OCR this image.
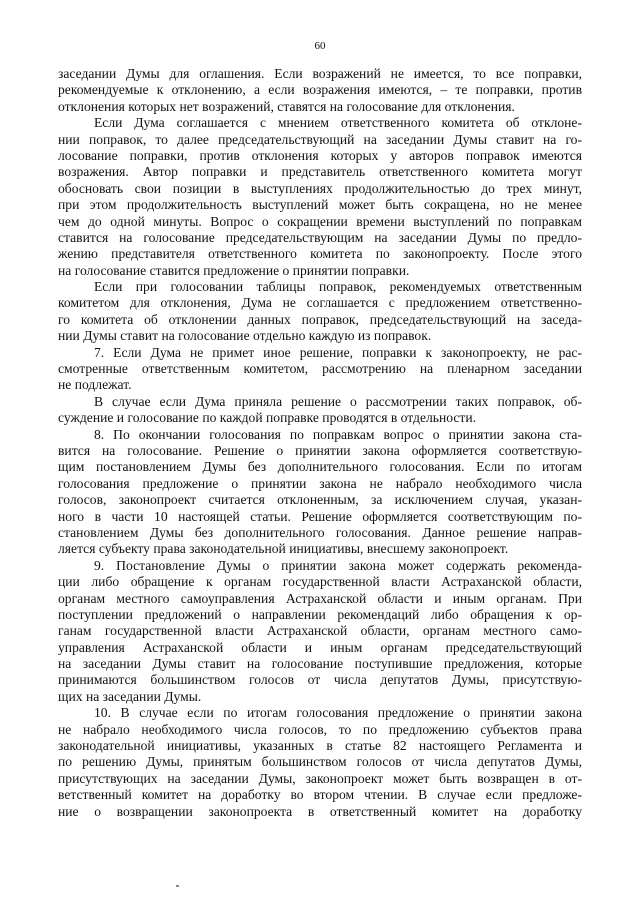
60
заседании Думы для оглашения. Если возражений не имеется, то все поправки,
рекомендуемые к отклонению, а если возражения имеются, – те поправки, против
отклонения которых нет возражений, ставятся на голосование для отклонения.
Если Дума соглашается с мнением ответственного комитета об отклоне-
нии поправок, то далее председательствующий на заседании Думы ставит на го-
лосование поправки, против отклонения которых у авторов поправок имеются
возражения. Автор поправки и представитель ответственного комитета могут
обосновать свои позиции в выступлениях продолжительностью до трех минут,
при этом продолжительность выступлений может быть сокращена, но не менее
чем до одной минуты. Вопрос о сокращении времени выступлений по поправкам
ставится на голосование председательствующим на заседании Думы по предло-
жению представителя ответственного комитета по законопроекту. После этого
на голосование ставится предложение о принятии поправки.
Если при голосовании таблицы поправок, рекомендуемых ответственным
комитетом для отклонения, Дума не соглашается с предложением ответственно-
го комитета об отклонении данных поправок, председательствующий на заседа-
нии Думы ставит на голосование отдельно каждую из поправок.
7. Если Дума не примет иное решение, поправки к законопроекту, не рас-
смотренные ответственным комитетом, рассмотрению на пленарном заседании
не подлежат.
В случае если Дума приняла решение о рассмотрении таких поправок, об-
суждение и голосование по каждой поправке проводятся в отдельности.
8. По окончании голосования по поправкам вопрос о принятии закона ста-
вится на голосование. Решение о принятии закона оформляется соответствую-
щим постановлением Думы без дополнительного голосования. Если по итогам
голосования предложение о принятии закона не набрало необходимого числа
голосов, законопроект считается отклоненным, за исключением случая, указан-
ного в части 10 настоящей статьи. Решение оформляется соответствующим по-
становлением Думы без дополнительного голосования. Данное решение направ-
ляется субъекту права законодательной инициативы, внесшему законопроект.
9. Постановление Думы о принятии закона может содержать рекоменда-
ции либо обращение к органам государственной власти Астраханской области,
органам местного самоуправления Астраханской области и иным органам. При
поступлении предложений о направлении рекомендаций либо обращения к ор-
ганам государственной власти Астраханской области, органам местного само-
управления Астраханской области и иным органам председательствующий
на заседании Думы ставит на голосование поступившие предложения, которые
принимаются большинством голосов от числа депутатов Думы, присутствую-
щих на заседании Думы.
10. В случае если по итогам голосования предложение о принятии закона
не набрало необходимого числа голосов, то по предложению субъектов права
законодательной инициативы, указанных в статье 82 настоящего Регламента и
по решению Думы, принятым большинством голосов от числа депутатов Думы,
присутствующих на заседании Думы, законопроект может быть возвращен в от-
ветственный комитет на доработку во втором чтении. В случае если предложе-
ние о возвращении законопроекта в ответственный комитет на доработку
